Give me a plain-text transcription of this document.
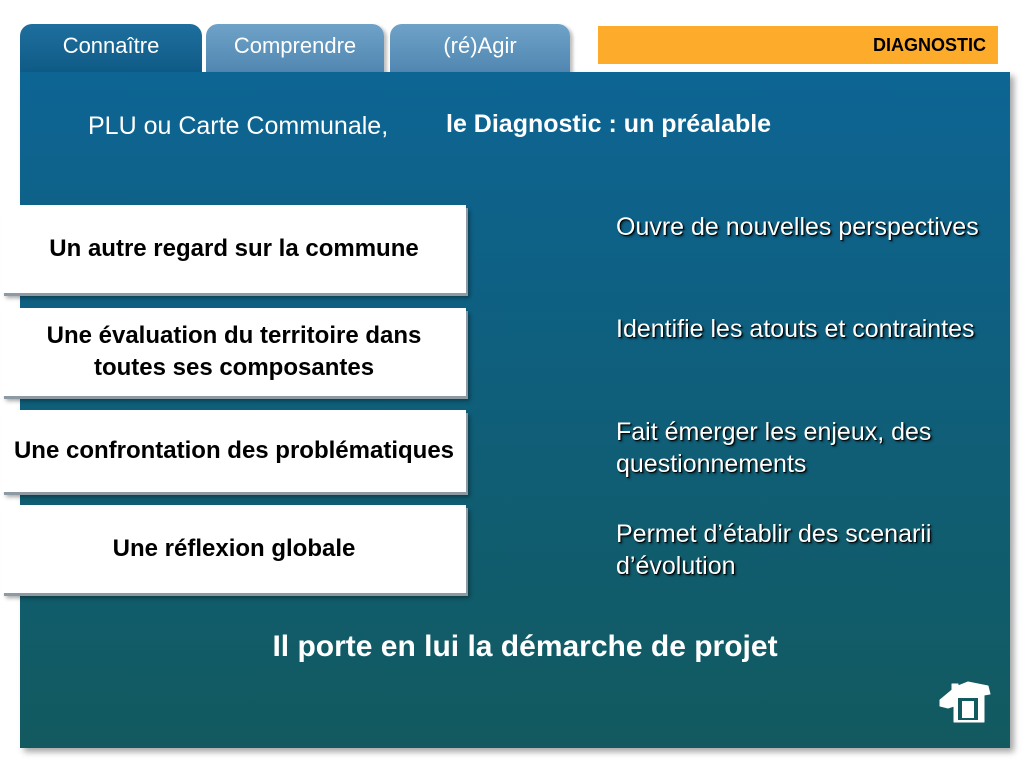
Connaître	Comprendre	(ré)Agir	DIAGNOSTIC
PLU ou Carte Communale, le Diagnostic : un préalable
Un autre regard sur la commune
Une évaluation du territoire dans toutes ses composantes
Une confrontation des problématiques
Une réflexion globale
Ouvre de nouvelles perspectives
Identifie les atouts et contraintes
Fait émerger les enjeux, des questionnements
Permet d’établir des scenarii d’évolution
Il porte en lui la démarche de projet
